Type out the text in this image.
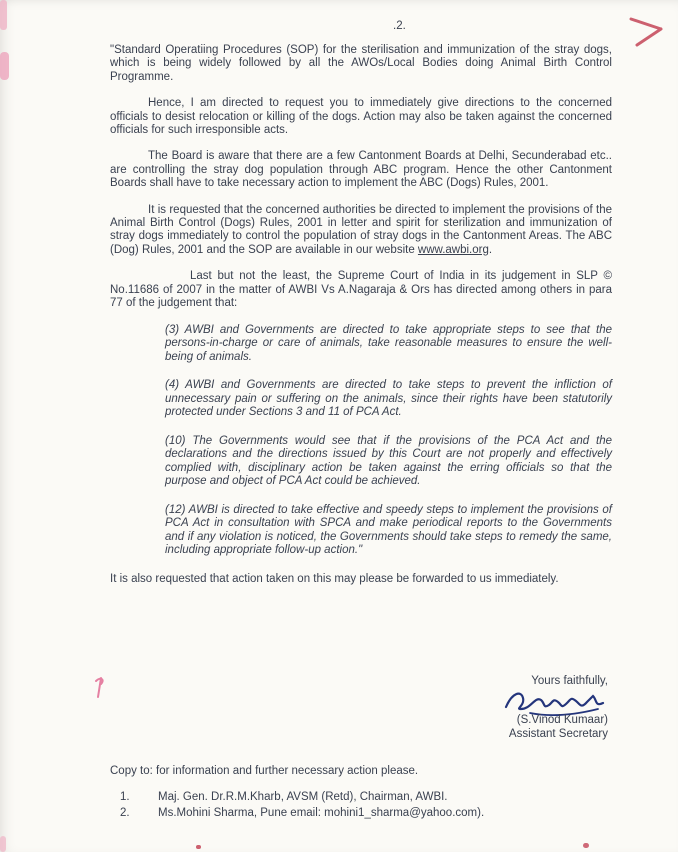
.2.

"Standard Operatiing Procedures (SOP) for the sterilisation and immunization of the stray dogs, which is being widely followed by all the AWOs/Local Bodies doing Animal Birth Control Programme.

Hence, I am directed to request you to immediately give directions to the concerned officials to desist relocation or killing of the dogs. Action may also be taken against the concerned officials for such irresponsible acts.

The Board is aware that there are a few Cantonment Boards at Delhi, Secunderabad etc.. are controlling the stray dog population through ABC program. Hence the other Cantonment Boards shall have to take necessary action to implement the ABC (Dogs) Rules, 2001.

It is requested that the concerned authorities be directed to implement the provisions of the Animal Birth Control (Dogs) Rules, 2001 in letter and spirit for sterilization and immunization of stray dogs immediately to control the population of stray dogs in the Cantonment Areas. The ABC (Dog) Rules, 2001 and the SOP are available in our website www.awbi.org.

Last but not the least, the Supreme Court of India in its judgement in SLP © No.11686 of 2007 in the matter of AWBI Vs A.Nagaraja & Ors has directed among others in para 77 of the judgement that:

(3) AWBI and Governments are directed to take appropriate steps to see that the persons-in-charge or care of animals, take reasonable measures to ensure the well-being of animals.

(4) AWBI and Governments are directed to take steps to prevent the infliction of unnecessary pain or suffering on the animals, since their rights have been statutorily protected under Sections 3 and 11 of PCA Act.

(10) The Governments would see that if the provisions of the PCA Act and the declarations and the directions issued by this Court are not properly and effectively complied with, disciplinary action be taken against the erring officials so that the purpose and object of PCA Act could be achieved.

(12) AWBI is directed to take effective and speedy steps to implement the provisions of PCA Act in consultation with SPCA and make periodical reports to the Governments and if any violation is noticed, the Governments should take steps to remedy the same, including appropriate follow-up action."

It is also requested that action taken on this may please be forwarded to us immediately.

Yours faithfully,
(S.Vinod Kumaar)
Assistant Secretary
Copy to: for information and further necessary action please.
1.	Maj. Gen. Dr.R.M.Kharb, AVSM (Retd), Chairman, AWBI.
2.	Ms.Mohini Sharma, Pune email: mohini1_sharma@yahoo.com).
